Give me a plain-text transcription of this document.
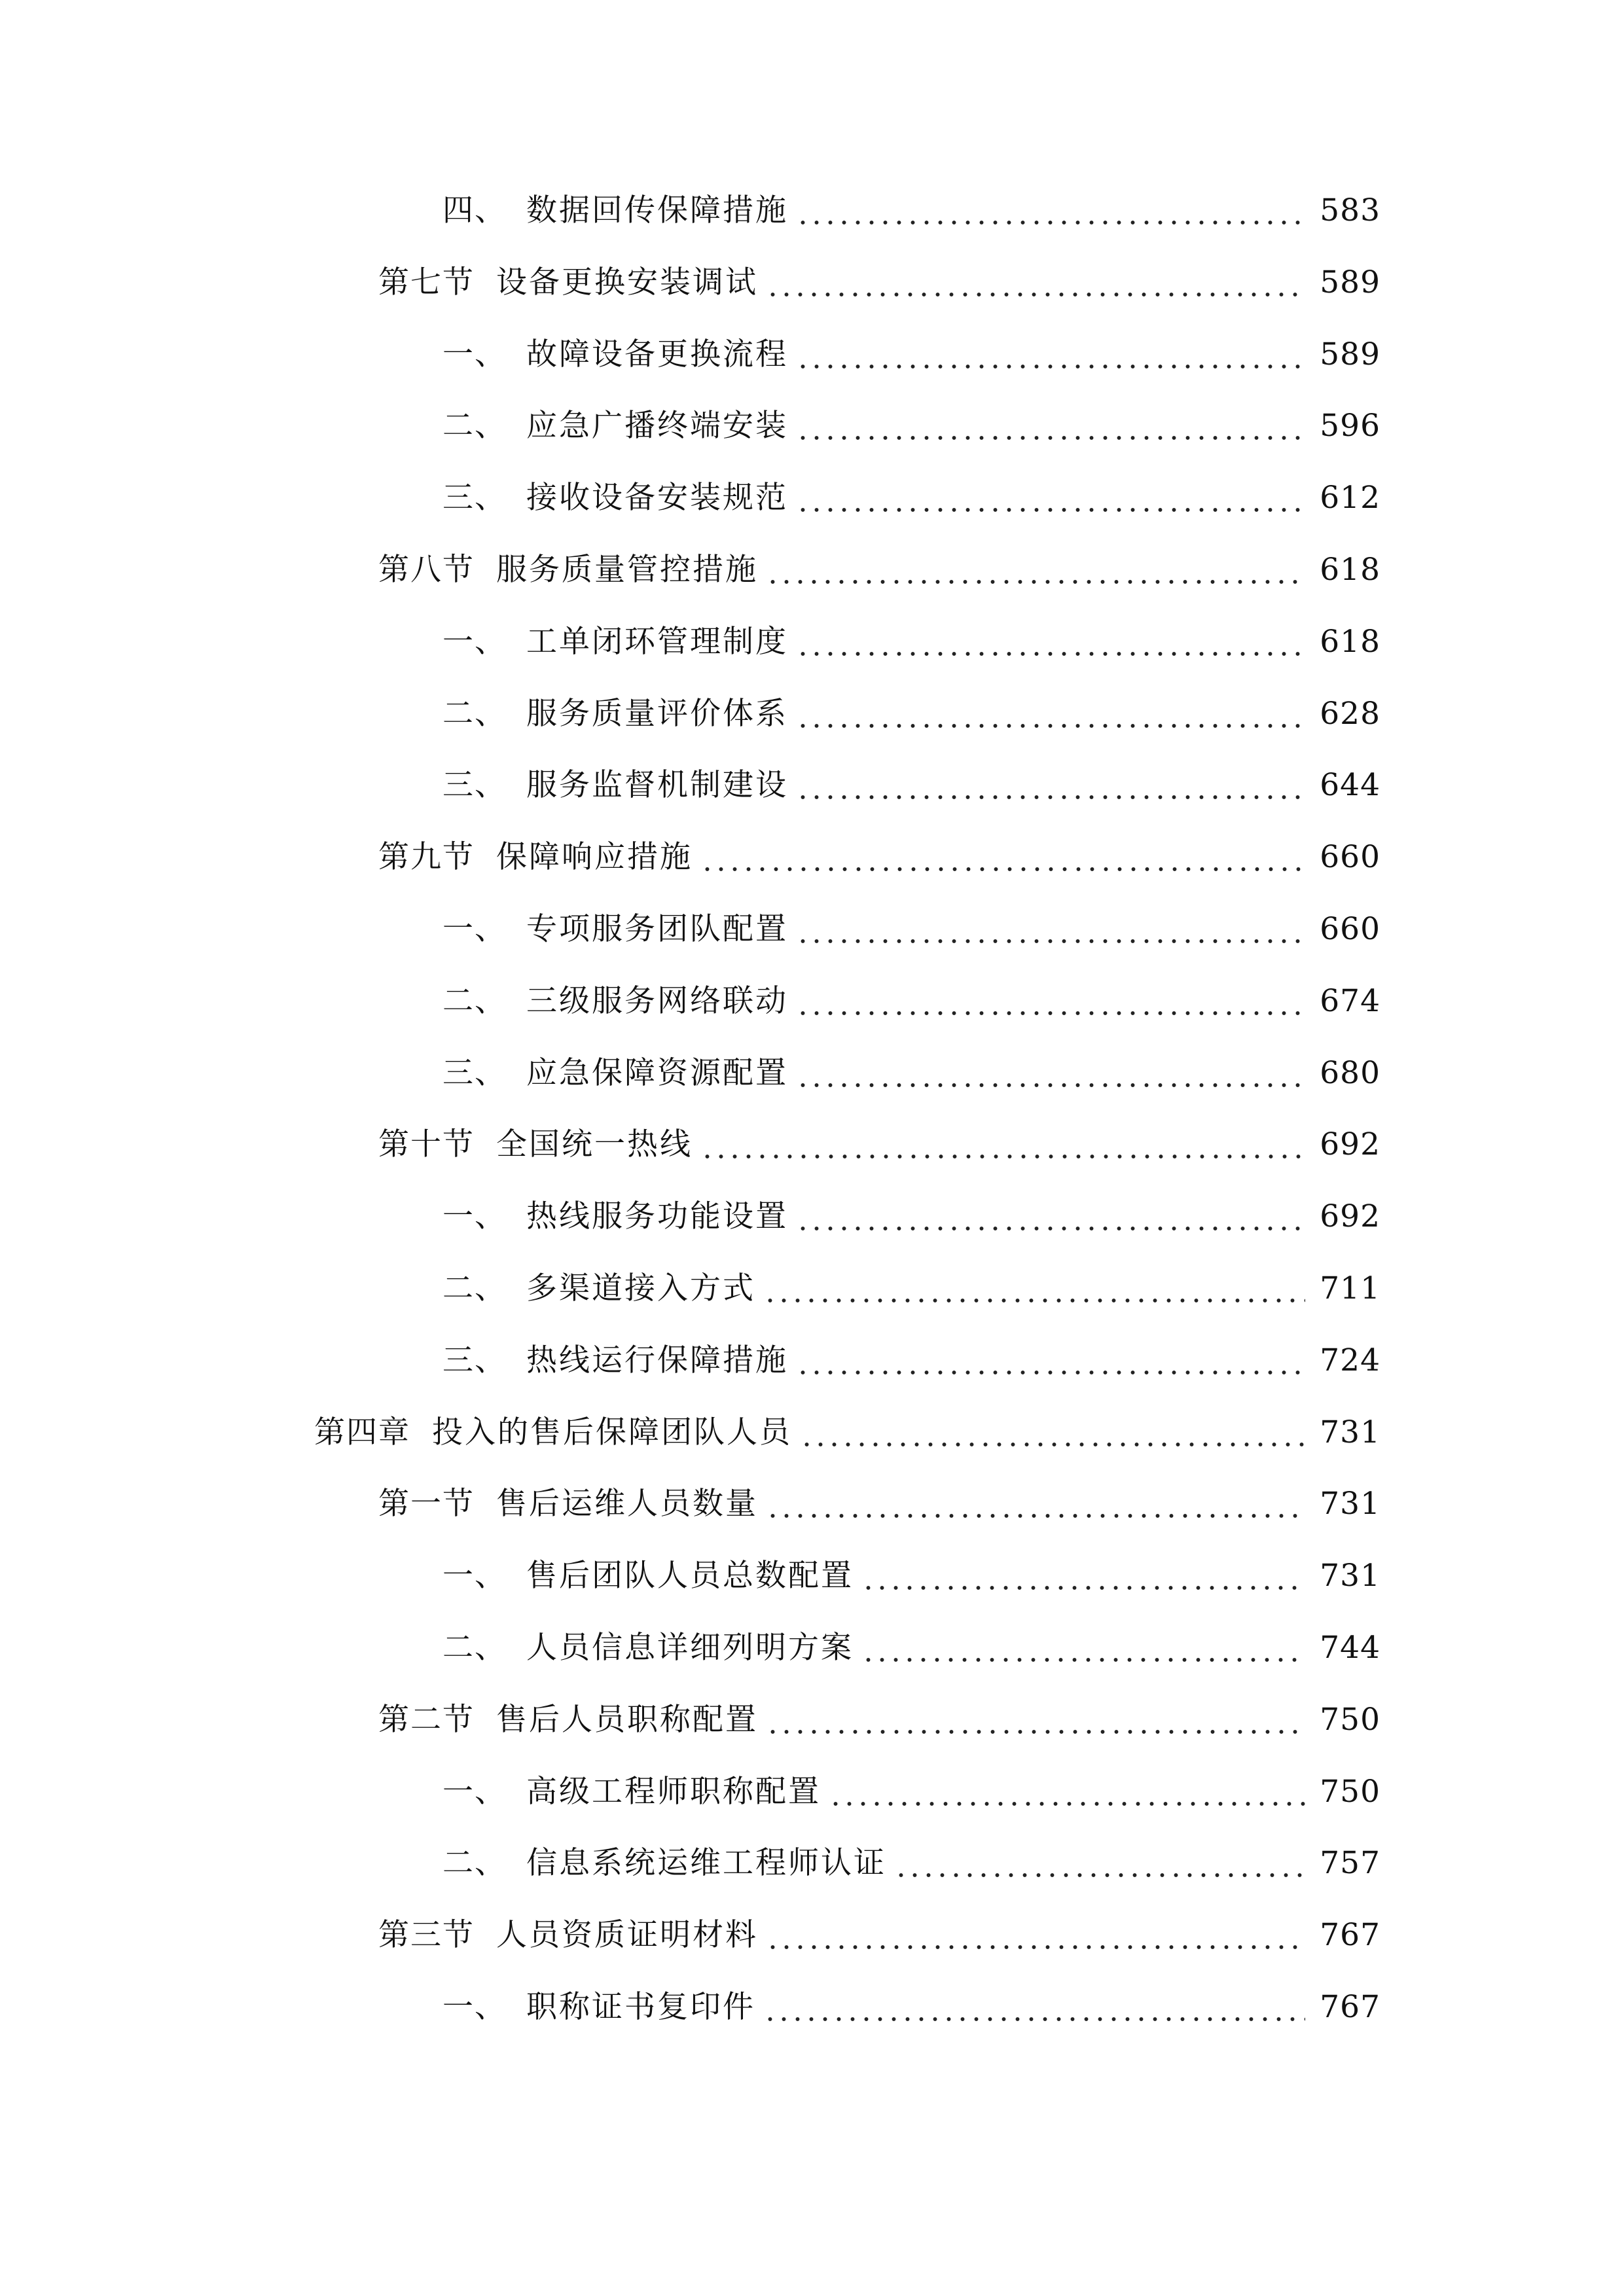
四、 数据回传保障措施	583
第七节 设备更换安装调试	589
一、 故障设备更换流程	589
二、 应急广播终端安装	596
三、 接收设备安装规范	612
第八节 服务质量管控措施	618
一、 工单闭环管理制度	618
二、 服务质量评价体系	628
三、 服务监督机制建设	644
第九节 保障响应措施	660
一、 专项服务团队配置	660
二、 三级服务网络联动	674
三、 应急保障资源配置	680
第十节 全国统一热线	692
一、 热线服务功能设置	692
二、 多渠道接入方式	711
三、 热线运行保障措施	724
第四章 投入的售后保障团队人员	731
第一节 售后运维人员数量	731
一、 售后团队人员总数配置	731
二、 人员信息详细列明方案	744
第二节 售后人员职称配置	750
一、 高级工程师职称配置	750
二、 信息系统运维工程师认证	757
第三节 人员资质证明材料	767
一、 职称证书复印件	767
